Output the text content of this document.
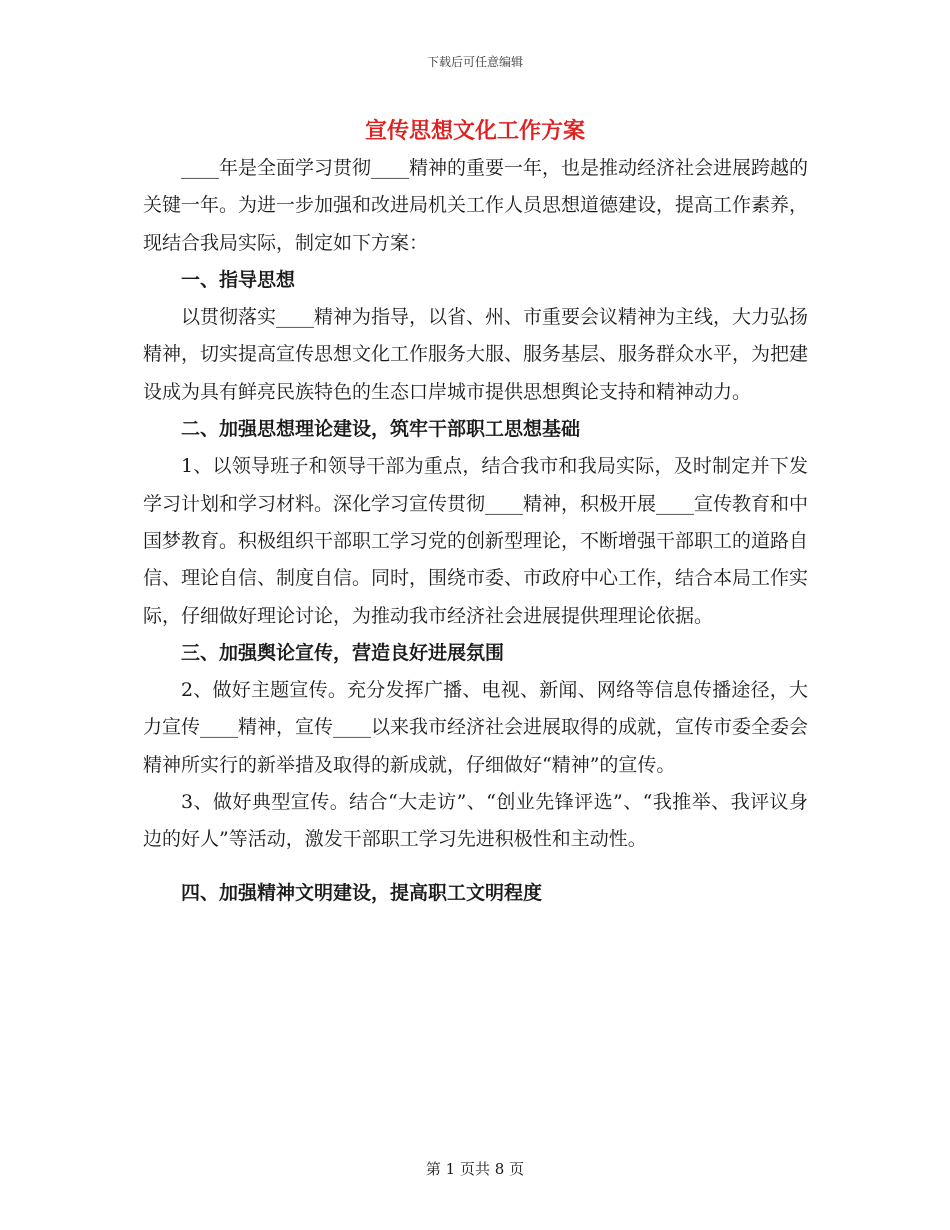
下载后可任意编辑
宣传思想文化工作方案

____年是全面学习贯彻____精神的重要一年，也是推动经济社会进展跨越的关键一年。为进一步加强和改进局机关工作人员思想道德建设，提高工作素养，现结合我局实际，制定如下方案：

一、指导思想

以贯彻落实____精神为指导，以省、州、市重要会议精神为主线，大力弘扬精神，切实提高宣传思想文化工作服务大服、服务基层、服务群众水平，为把建设成为具有鲜亮民族特色的生态口岸城市提供思想舆论支持和精神动力。

二、加强思想理论建设，筑牢干部职工思想基础

1、以领导班子和领导干部为重点，结合我市和我局实际，及时制定并下发学习计划和学习材料。深化学习宣传贯彻____精神，积极开展____宣传教育和中国梦教育。积极组织干部职工学习党的创新型理论，不断增强干部职工的道路自信、理论自信、制度自信。同时，围绕市委、市政府中心工作，结合本局工作实际，仔细做好理论讨论，为推动我市经济社会进展提供理理论依据。

三、加强舆论宣传，营造良好进展氛围

2、做好主题宣传。充分发挥广播、电视、新闻、网络等信息传播途径，大力宣传____精神，宣传____以来我市经济社会进展取得的成就，宣传市委全委会精神所实行的新举措及取得的新成就，仔细做好“精神”的宣传。

3、做好典型宣传。结合“大走访”、“创业先锋评选”、“我推举、我评议身边的好人”等活动，激发干部职工学习先进积极性和主动性。

四、加强精神文明建设，提高职工文明程度

第 1 页共 8 页
